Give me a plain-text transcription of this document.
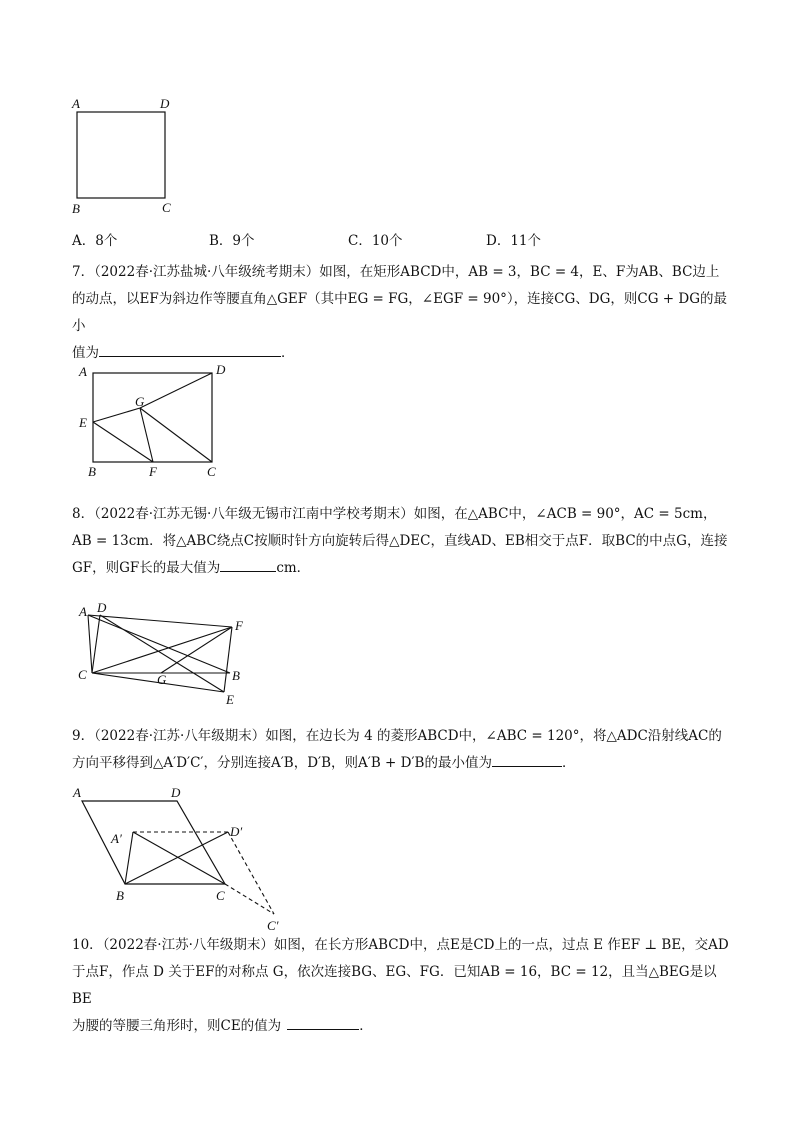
A	D
B	C
A．8个	B．9个	C．10个	D．11个
7．（2022春·江苏盐城·八年级统考期末）如图，在矩形ABCD中，AB = 3，BC = 4，E、F为AB、BC边上
的动点，以EF为斜边作等腰直角△GEF（其中EG = FG，∠EGF = 90°），连接CG、DG，则CG + DG的最小
值为	．
A	D
E
G
B	F	C
8．（2022春·江苏无锡·八年级无锡市江南中学校考期末）如图，在△ABC中，∠ACB = 90°，AC = 5cm，
AB = 13cm．将△ABC绕点C按顺时针方向旋转后得△DEC，直线AD、EB相交于点F．取BC的中点G，连接
GF，则GF长的最大值为	cm．
A D
F
C	G	B
E
9．（2022春·江苏·八年级期末）如图，在边长为 4 的菱形ABCD中，∠ABC = 120°，将△ADC沿射线AC的
方向平移得到△A′D′C′，分别连接A′B，D′B，则A′B + D′B的最小值为	．
A	D
A′	D′
B	C
C′
10．（2022春·江苏·八年级期末）如图，在长方形ABCD中，点E是CD上的一点，过点 E 作EF ⊥ BE，交AD
于点F，作点 D 关于EF的对称点 G，依次连接BG、EG、FG．已知AB = 16，BC = 12，且当△BEG是以BE
为腰的等腰三角形时，则CE的值为	．
